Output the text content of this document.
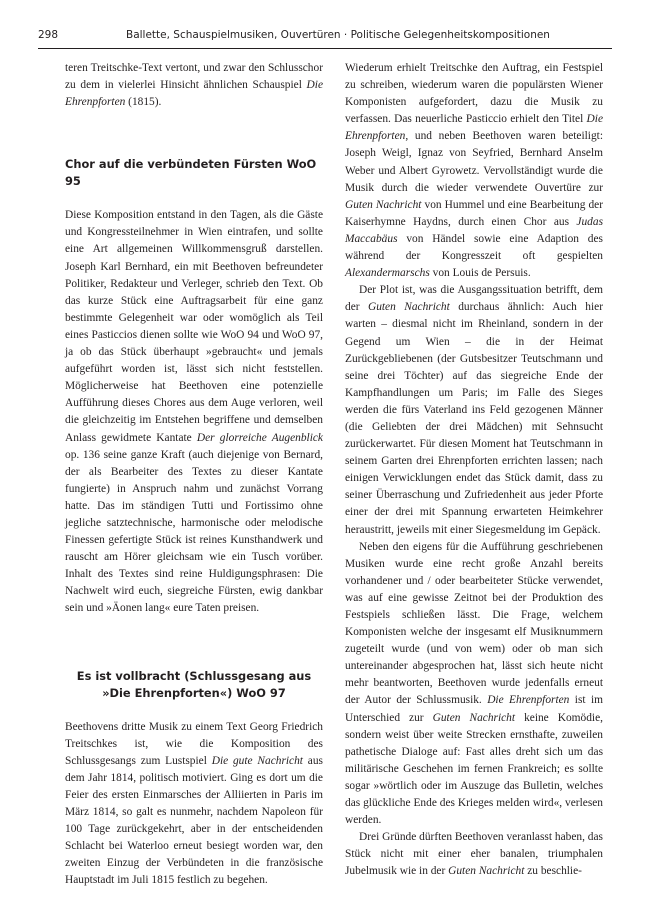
298	Ballette, Schauspielmusiken, Ouvertüren · Politische Gelegenheitskompositionen

teren Treitschke-Text vertont, und zwar den Schlusschor zu dem in vielerlei Hinsicht ähnlichen Schauspiel Die Ehrenpforten (1815).

Chor auf die verbündeten Fürsten WoO 95

Diese Komposition entstand in den Tagen, als die Gäste und Kongressteilnehmer in Wien eintrafen, und sollte eine Art allgemeinen Willkommensgruß darstellen. Joseph Karl Bernhard, ein mit Beethoven befreundeter Politiker, Redakteur und Verleger, schrieb den Text. Ob das kurze Stück eine Auftragsarbeit für eine ganz bestimmte Gelegenheit war oder womöglich als Teil eines Pasticcios dienen sollte wie WoO 94 und WoO 97, ja ob das Stück überhaupt »gebraucht« und jemals aufgeführt worden ist, lässt sich nicht feststellen. Möglicherweise hat Beethoven eine potenzielle Aufführung dieses Chores aus dem Auge verloren, weil die gleichzeitig im Entstehen begriffene und demselben Anlass gewidmete Kantate Der glorreiche Augenblick op. 136 seine ganze Kraft (auch diejenige von Bernard, der als Bearbeiter des Textes zu dieser Kantate fungierte) in Anspruch nahm und zunächst Vorrang hatte. Das im ständigen Tutti und Fortissimo ohne jegliche satztechnische, harmonische oder melodische Finessen gefertigte Stück ist reines Kunsthandwerk und rauscht am Hörer gleichsam wie ein Tusch vorüber. Inhalt des Textes sind reine Huldigungsphrasen: Die Nachwelt wird euch, siegreiche Fürsten, ewig dankbar sein und »Äonen lang« eure Taten preisen.

Es ist vollbracht (Schlussgesang aus
»Die Ehrenpforten«) WoO 97

Beethovens dritte Musik zu einem Text Georg Friedrich Treitschkes ist, wie die Komposition des Schlussgesangs zum Lustspiel Die gute Nachricht aus dem Jahr 1814, politisch motiviert. Ging es dort um die Feier des ersten Einmarsches der Alliierten in Paris im März 1814, so galt es nunmehr, nachdem Napoleon für 100 Tage zurückgekehrt, aber in der entscheidenden Schlacht bei Waterloo erneut besiegt worden war, den zweiten Einzug der Verbündeten in die französische Hauptstadt im Juli 1815 festlich zu begehen.

Wiederum erhielt Treitschke den Auftrag, ein Festspiel zu schreiben, wiederum waren die populärsten Wiener Komponisten aufgefordert, dazu die Musik zu verfassen. Das neuerliche Pasticcio erhielt den Titel Die Ehrenpforten, und neben Beethoven waren beteiligt: Joseph Weigl, Ignaz von Seyfried, Bernhard Anselm Weber und Albert Gyrowetz. Vervollständigt wurde die Musik durch die wieder verwendete Ouvertüre zur Guten Nachricht von Hummel und eine Bearbeitung der Kaiserhymne Haydns, durch einen Chor aus Judas Maccabäus von Händel sowie eine Adaption des während der Kongresszeit oft gespielten Alexandermarschs von Louis de Persuis.

Der Plot ist, was die Ausgangssituation betrifft, dem der Guten Nachricht durchaus ähnlich: Auch hier warten – diesmal nicht im Rheinland, sondern in der Gegend um Wien – die in der Heimat Zurückgebliebenen (der Gutsbesitzer Teutschmann und seine drei Töchter) auf das siegreiche Ende der Kampfhandlungen um Paris; im Falle des Sieges werden die fürs Vaterland ins Feld gezogenen Männer (die Geliebten der drei Mädchen) mit Sehnsucht zurückerwartet. Für diesen Moment hat Teutschmann in seinem Garten drei Ehrenpforten errichten lassen; nach einigen Verwicklungen endet das Stück damit, dass zu seiner Überraschung und Zufriedenheit aus jeder Pforte einer der drei mit Spannung erwarteten Heimkehrer heraustritt, jeweils mit einer Siegesmeldung im Gepäck.

Neben den eigens für die Aufführung geschriebenen Musiken wurde eine recht große Anzahl bereits vorhandener und / oder bearbeiteter Stücke verwendet, was auf eine gewisse Zeitnot bei der Produktion des Festspiels schließen lässt. Die Frage, welchem Komponisten welche der insgesamt elf Musiknummern zugeteilt wurde (und von wem) oder ob man sich untereinander abgesprochen hat, lässt sich heute nicht mehr beantworten, Beethoven wurde jedenfalls erneut der Autor der Schlussmusik. Die Ehrenpforten ist im Unterschied zur Guten Nachricht keine Komödie, sondern weist über weite Strecken ernsthafte, zuweilen pathetische Dialoge auf: Fast alles dreht sich um das militärische Geschehen im fernen Frankreich; es sollte sogar »wörtlich oder im Auszuge das Bulletin, welches das glückliche Ende des Krieges melden wird«, verlesen werden.

Drei Gründe dürften Beethoven veranlasst haben, das Stück nicht mit einer eher banalen, triumphalen Jubelmusik wie in der Guten Nachricht zu beschlie-
